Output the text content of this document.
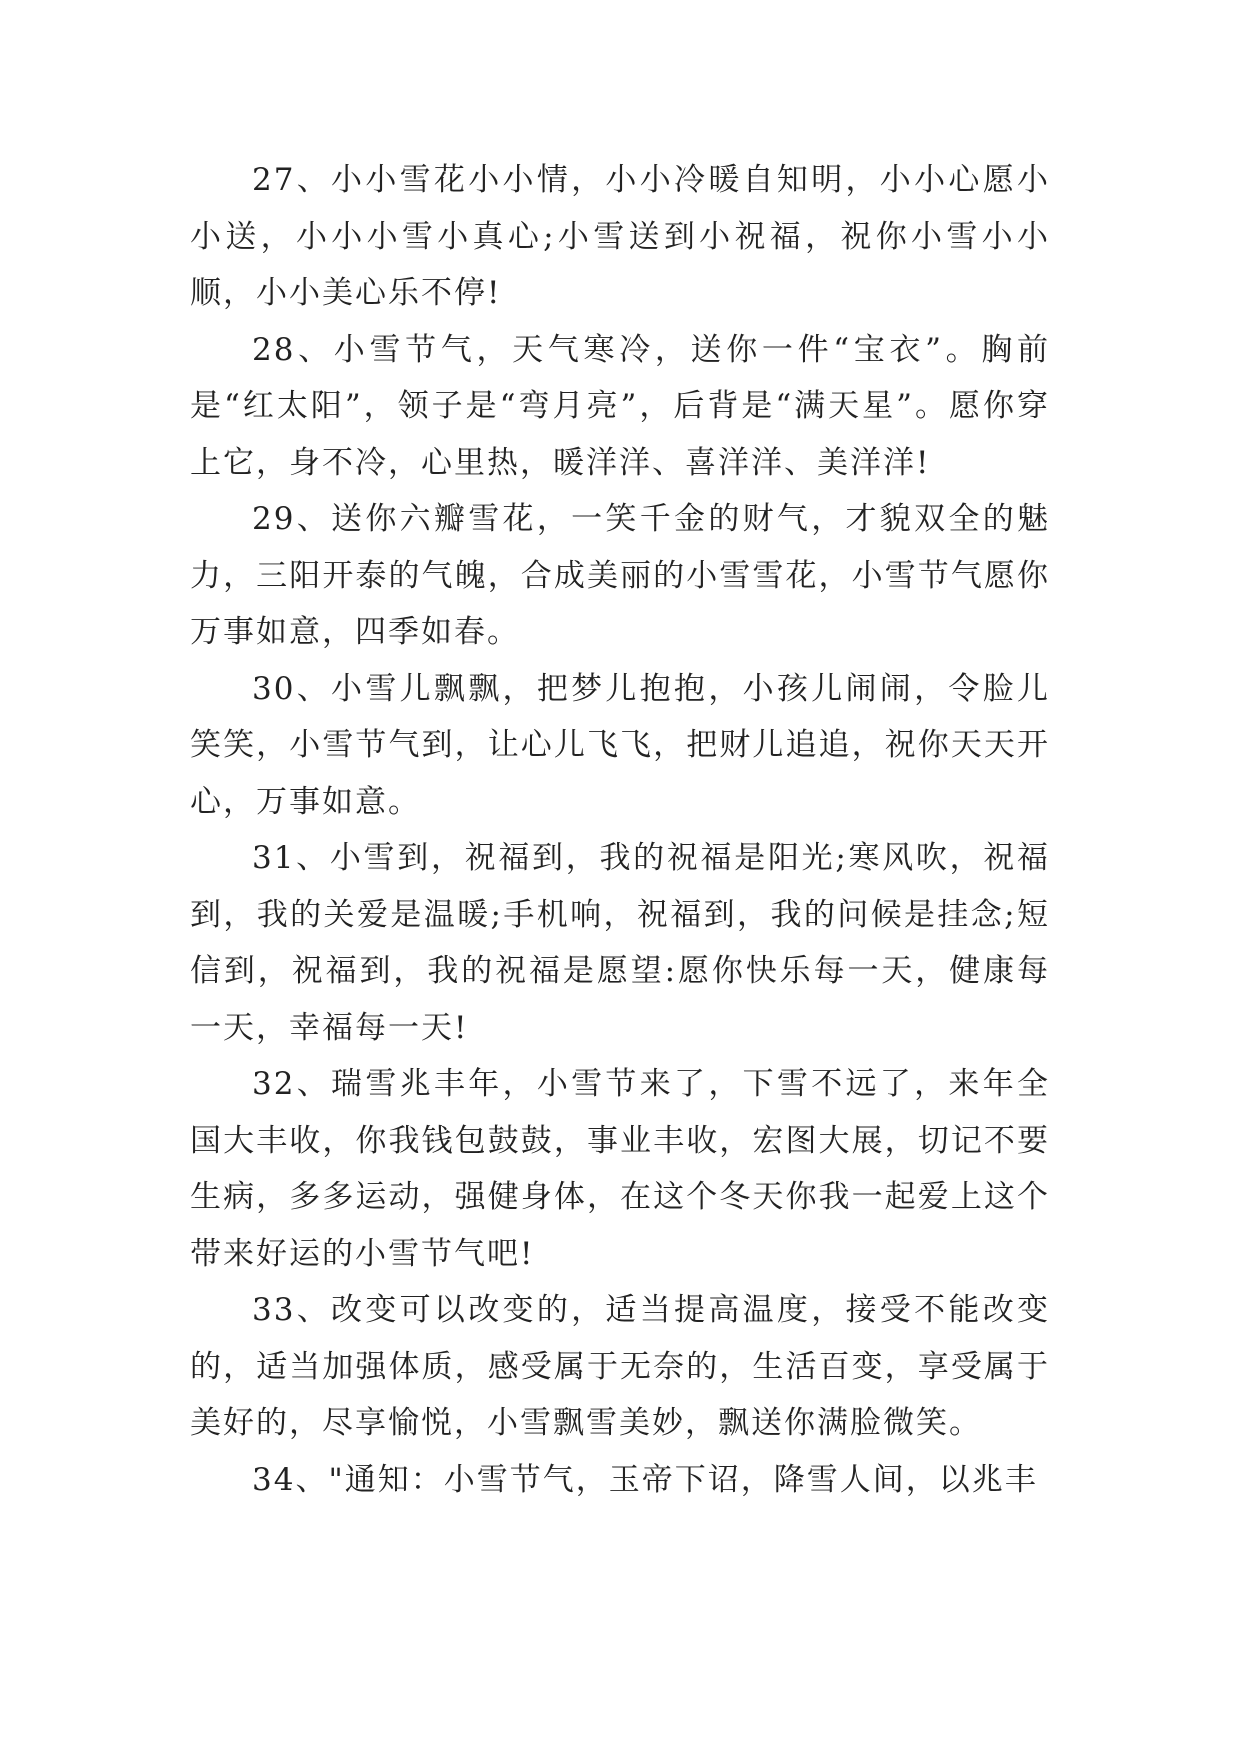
27、小小雪花小小情，小小冷暖自知明，小小心愿小小送，小小小雪小真心;小雪送到小祝福，祝你小雪小小顺，小小美心乐不停!

28、小雪节气，天气寒冷，送你一件“宝衣”。胸前是“红太阳”，领子是“弯月亮”，后背是“满天星”。愿你穿上它，身不冷，心里热，暖洋洋、喜洋洋、美洋洋!

29、送你六瓣雪花，一笑千金的财气，才貌双全的魅力，三阳开泰的气魄，合成美丽的小雪雪花，小雪节气愿你万事如意，四季如春。

30、小雪儿飘飘，把梦儿抱抱，小孩儿闹闹，令脸儿笑笑，小雪节气到，让心儿飞飞，把财儿追追，祝你天天开心，万事如意。

31、小雪到，祝福到，我的祝福是阳光;寒风吹，祝福到，我的关爱是温暖;手机响，祝福到，我的问候是挂念;短信到，祝福到，我的祝福是愿望:愿你快乐每一天，健康每一天，幸福每一天!

32、瑞雪兆丰年，小雪节来了，下雪不远了，来年全国大丰收，你我钱包鼓鼓，事业丰收，宏图大展，切记不要生病，多多运动，强健身体，在这个冬天你我一起爱上这个带来好运的小雪节气吧!

33、改变可以改变的，适当提高温度，接受不能改变的，适当加强体质，感受属于无奈的，生活百变，享受属于美好的，尽享愉悦，小雪飘雪美妙，飘送你满脸微笑。

34、"通知：小雪节气，玉帝下诏，降雪人间，以兆丰
